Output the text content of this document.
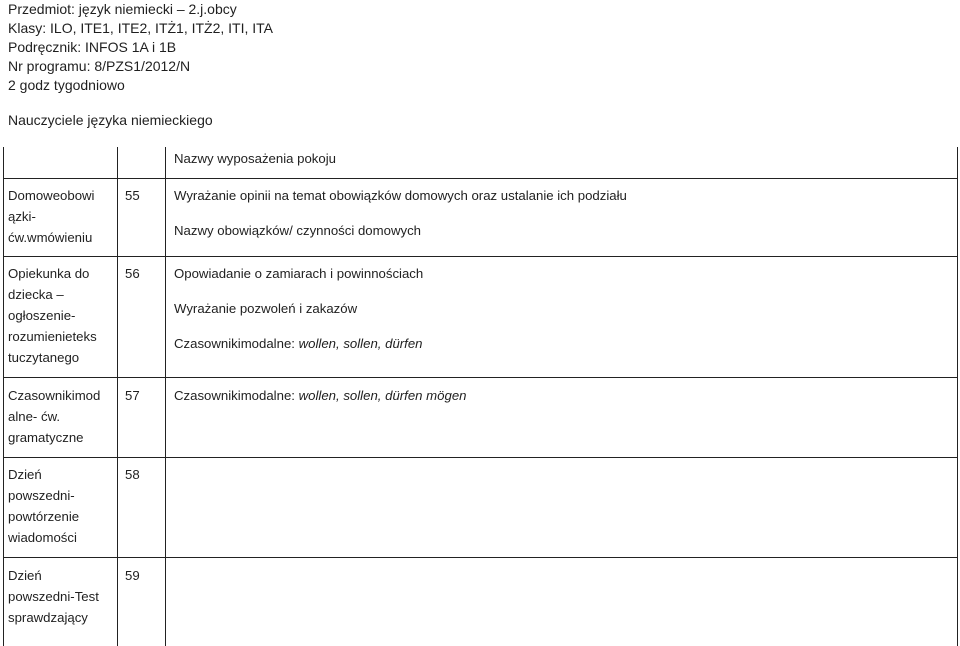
Przedmiot: język niemiecki – 2.j.obcy
Klasy: ILO, ITE1, ITE2, ITŻ1, ITŻ2, ITI, ITA
Podręcznik: INFOS 1A i 1B
Nr programu: 8/PZS1/2012/N
2 godz tygodniowo
Nauczyciele języka niemieckiego
Nazwy wyposażenia pokoju
Domoweobowi
ązki-
ćw.wmówieniu
55	Wyrażanie opinii na temat obowiązków domowych oraz ustalanie ich podziału
Nazwy obowiązków/ czynności domowych
Opiekunka do
dziecka –
ogłoszenie-
rozumienieteks
tuczytanego
56	Opowiadanie o zamiarach i powinnościach
Wyrażanie pozwoleń i zakazów
Czasownikimodalne: wollen, sollen, dürfen
Czasownikimod
alne- ćw.
gramatyczne
57	Czasownikimodalne: wollen, sollen, dürfen mögen
Dzień
powszedni-
powtórzenie
wiadomości
58
Dzień
powszedni-Test
sprawdzający
59
